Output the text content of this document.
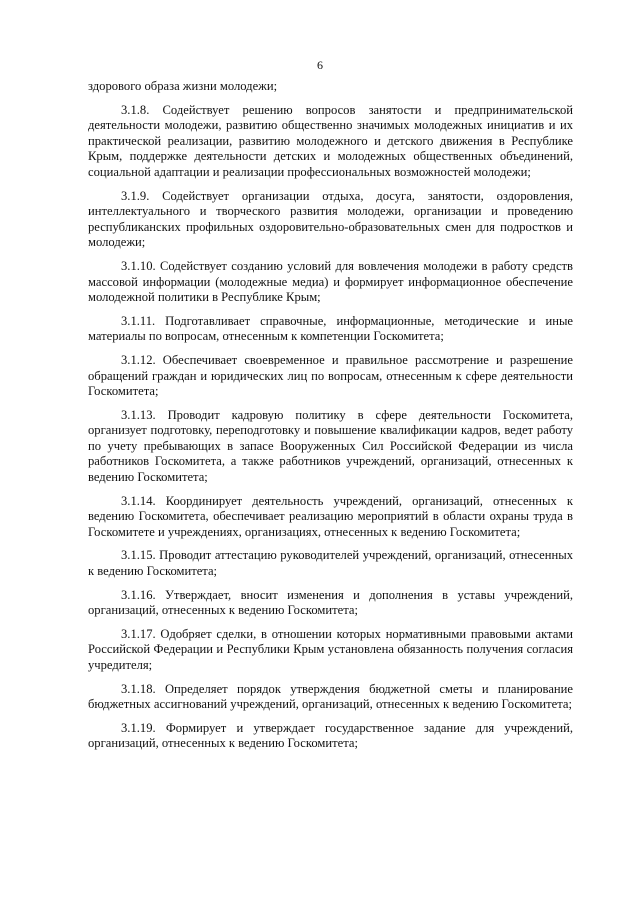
6

здорового образа жизни молодежи;

3.1.8. Содействует решению вопросов занятости и предпринимательской деятельности молодежи, развитию общественно значимых молодежных инициатив и их практической реализации, развитию молодежного и детского движения в Республике Крым, поддержке деятельности детских и молодежных общественных объединений, социальной адаптации и реализации профессиональных возможностей молодежи;

3.1.9. Содействует организации отдыха, досуга, занятости, оздоровления, интеллектуального и творческого развития молодежи, организации и проведению республиканских профильных оздоровительно-образовательных смен для подростков и молодежи;

3.1.10. Содействует созданию условий для вовлечения молодежи в работу средств массовой информации (молодежные медиа) и формирует информационное обеспечение молодежной политики в Республике Крым;

3.1.11. Подготавливает справочные, информационные, методические и иные материалы по вопросам, отнесенным к компетенции Госкомитета;

3.1.12. Обеспечивает своевременное и правильное рассмотрение и разрешение обращений граждан и юридических лиц по вопросам, отнесенным к сфере деятельности Госкомитета;

3.1.13. Проводит кадровую политику в сфере деятельности Госкомитета, организует подготовку, переподготовку и повышение квалификации кадров, ведет работу по учету пребывающих в запасе Вооруженных Сил Российской Федерации из числа работников Госкомитета, а также работников учреждений, организаций, отнесенных к ведению Госкомитета;

3.1.14. Координирует деятельность учреждений, организаций, отнесенных к ведению Госкомитета, обеспечивает реализацию мероприятий в области охраны труда в Госкомитете и учреждениях, организациях, отнесенных к ведению Госкомитета;

3.1.15. Проводит аттестацию руководителей учреждений, организаций, отнесенных к ведению Госкомитета;

3.1.16. Утверждает, вносит изменения и дополнения в уставы учреждений, организаций, отнесенных к ведению Госкомитета;

3.1.17. Одобряет сделки, в отношении которых нормативными правовыми актами Российской Федерации и Республики Крым установлена обязанность получения согласия учредителя;

3.1.18. Определяет порядок утверждения бюджетной сметы и планирование бюджетных ассигнований учреждений, организаций, отнесенных к ведению Госкомитета;

3.1.19. Формирует и утверждает государственное задание для учреждений, организаций, отнесенных к ведению Госкомитета;
